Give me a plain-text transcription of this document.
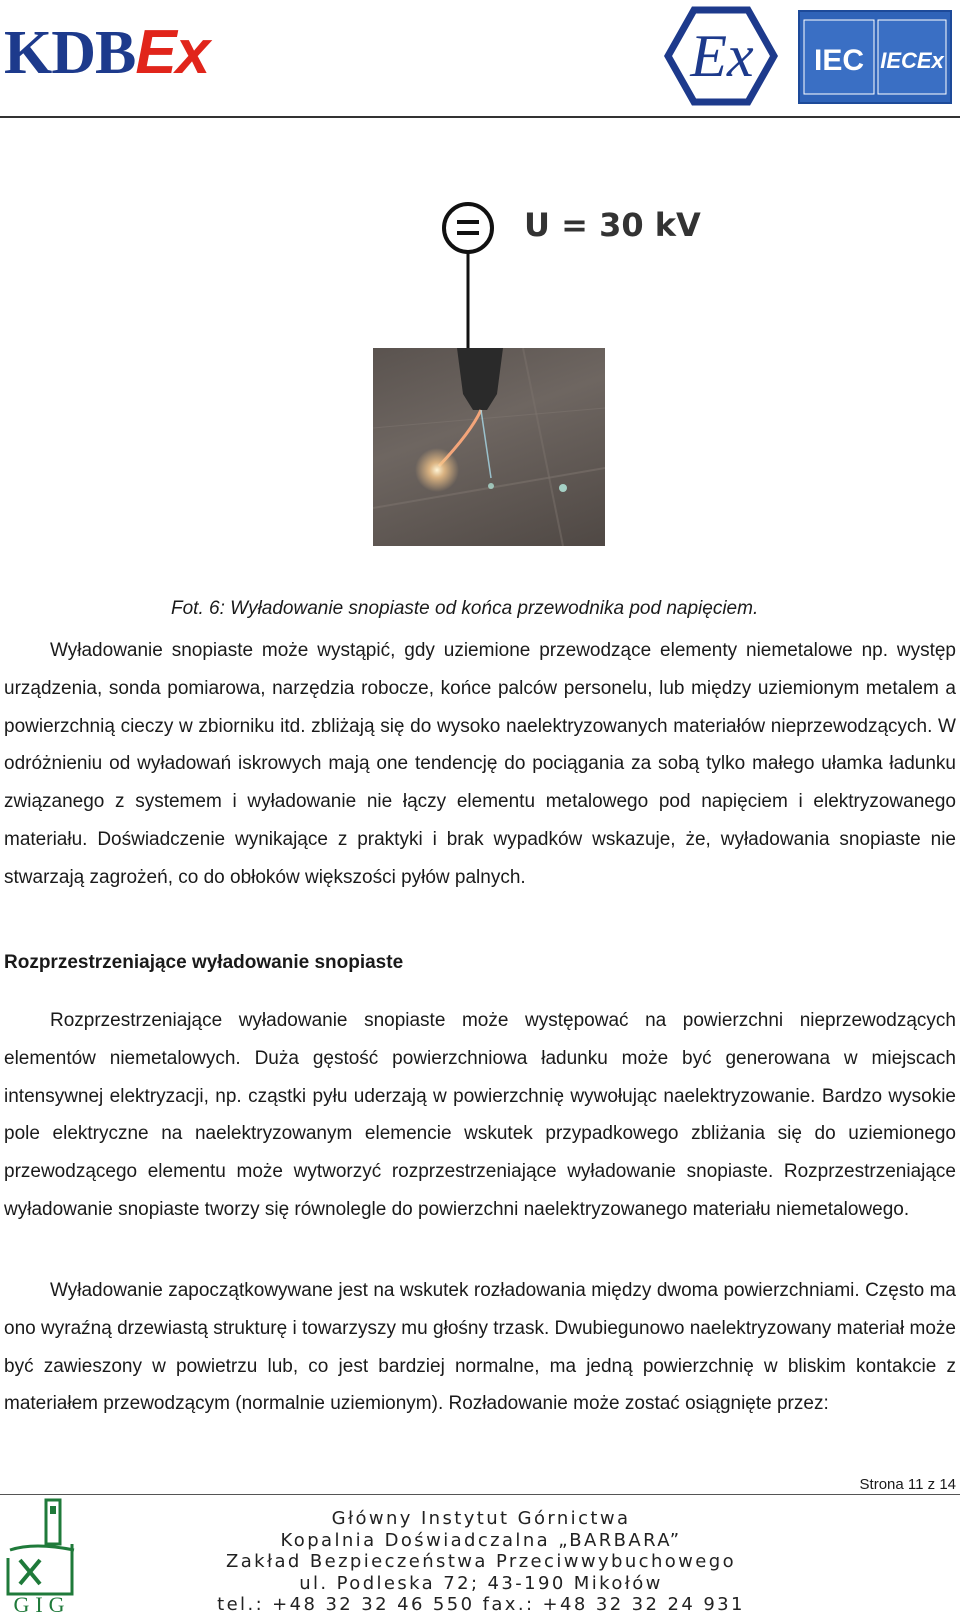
KDBEx	Ex IEC IECEx
U = 30 kV
Fot. 6: Wyładowanie snopiaste od końca przewodnika pod napięciem.
Wyładowanie snopiaste może wystąpić, gdy uziemione przewodzące elementy niemetalowe np. występ urządzenia, sonda pomiarowa, narzędzia robocze, końce palców personelu, lub między uziemionym metalem a powierzchnią cieczy w zbiorniku itd. zbliżają się do wysoko naelektryzowanych materiałów nieprzewodzących. W odróżnieniu od wyładowań iskrowych mają one tendencję do pociągania za sobą tylko małego ułamka ładunku związanego z systemem i wyładowanie nie łączy elementu metalowego pod napięciem i elektryzowanego materiału. Doświadczenie wynikające z praktyki i brak wypadków wskazuje, że, wyładowania snopiaste nie stwarzają zagrożeń, co do obłoków większości pyłów palnych.
Rozprzestrzeniające wyładowanie snopiaste
Rozprzestrzeniające wyładowanie snopiaste może występować na powierzchni nieprzewodzących elementów niemetalowych. Duża gęstość powierzchniowa ładunku może być generowana w miejscach intensywnej elektryzacji, np. cząstki pyłu uderzają w powierzchnię wywołując naelektryzowanie. Bardzo wysokie pole elektryczne na naelektryzowanym elemencie wskutek przypadkowego zbliżania się do uziemionego przewodzącego elementu może wytworzyć rozprzestrzeniające wyładowanie snopiaste. Rozprzestrzeniające wyładowanie snopiaste tworzy się równolegle do powierzchni naelektryzowanego materiału niemetalowego.
Wyładowanie zapoczątkowywane jest na wskutek rozładowania między dwoma powierzchniami. Często ma ono wyraźną drzewiastą strukturę i towarzyszy mu głośny trzask. Dwubiegunowo naelektryzowany materiał może być zawieszony w powietrzu lub, co jest bardziej normalne, ma jedną powierzchnię w bliskim kontakcie z materiałem przewodzącym (normalnie uziemionym). Rozładowanie może zostać osiągnięte przez:
Strona 11 z 14
GIG
Główny Instytut Górnictwa
Kopalnia Doświadczalna „BARBARA”
Zakład Bezpieczeństwa Przeciwwybuchowego
ul. Podleska 72; 43-190 Mikołów
tel.: +48 32 32 46 550 fax.: +48 32 32 24 931
